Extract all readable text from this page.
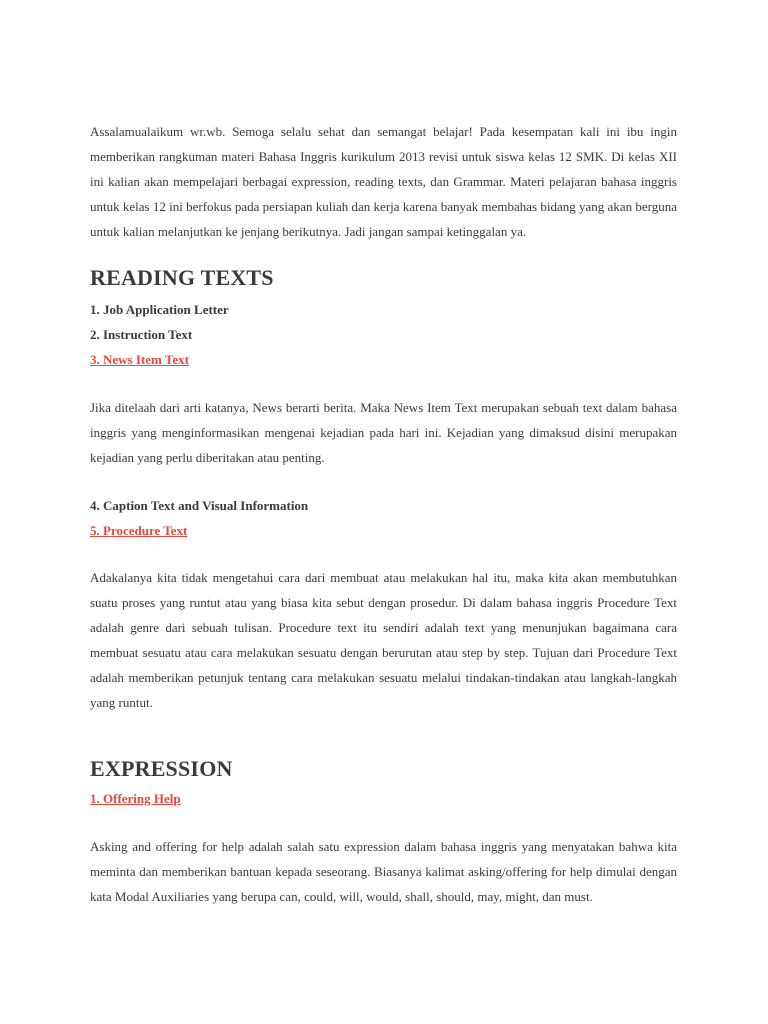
Assalamualaikum wr.wb. Semoga selalu sehat dan semangat belajar! Pada kesempatan kali ini ibu ingin memberikan rangkuman materi Bahasa Inggris kurikulum 2013 revisi untuk siswa kelas 12 SMK. Di kelas XII ini kalian akan mempelajari berbagai expression, reading texts, dan Grammar. Materi pelajaran bahasa inggris untuk kelas 12 ini berfokus pada persiapan kuliah dan kerja karena banyak membahas bidang yang akan berguna untuk kalian melanjutkan ke jenjang berikutnya. Jadi jangan sampai ketinggalan ya.

READING TEXTS

1. Job Application Letter

2. Instruction Text

3. News Item Text

Jika ditelaah dari arti katanya, News berarti berita. Maka News Item Text merupakan sebuah text dalam bahasa inggris yang menginformasikan mengenai kejadian pada hari ini. Kejadian yang dimaksud disini merupakan kejadian yang perlu diberitakan atau penting.

4. Caption Text and Visual Information

5. Procedure Text

Adakalanya kita tidak mengetahui cara dari membuat atau melakukan hal itu, maka kita akan membutuhkan suatu proses yang runtut atau yang biasa kita sebut dengan prosedur. Di dalam bahasa inggris Procedure Text adalah genre dari sebuah tulisan. Procedure text itu sendiri adalah text yang menunjukan bagaimana cara membuat sesuatu atau cara melakukan sesuatu dengan berurutan atau step by step. Tujuan dari Procedure Text adalah memberikan petunjuk tentang cara melakukan sesuatu melalui tindakan-tindakan atau langkah-langkah yang runtut.

EXPRESSION

1. Offering Help

Asking and offering for help adalah salah satu expression dalam bahasa inggris yang menyatakan bahwa kita meminta dan memberikan bantuan kepada seseorang. Biasanya kalimat asking/offering for help dimulai dengan kata Modal Auxiliaries yang berupa can, could, will, would, shall, should, may, might, dan must.
